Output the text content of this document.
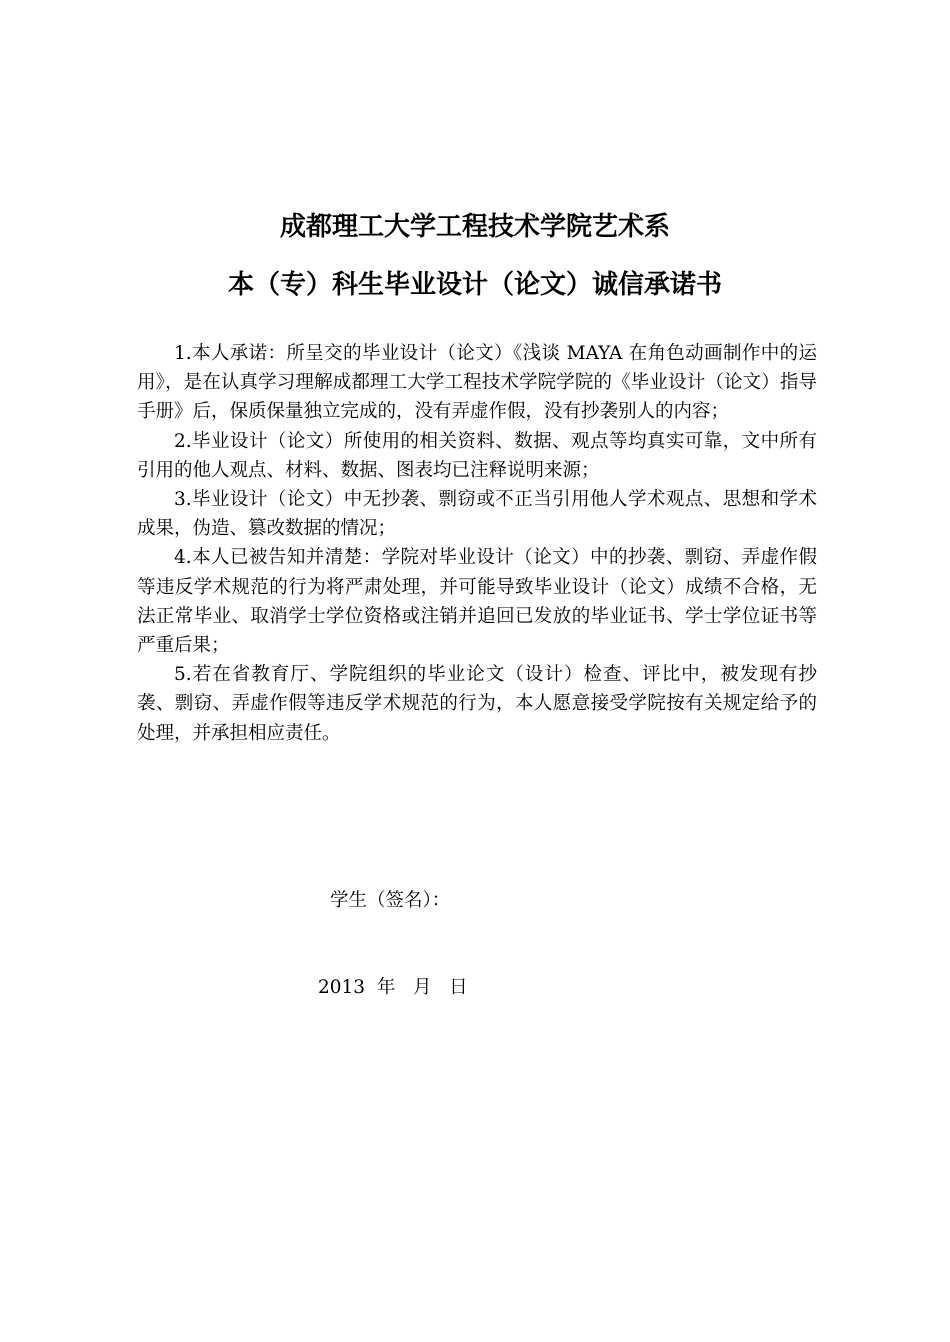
成都理工大学工程技术学院艺术系
本（专）科生毕业设计（论文）诚信承诺书

1.本人承诺：所呈交的毕业设计（论文）《浅谈 MAYA 在角色动画制作中的运用》，是在认真学习理解成都理工大学工程技术学院学院的《毕业设计（论文）指导手册》后，保质保量独立完成的，没有弄虚作假，没有抄袭别人的内容；

2.毕业设计（论文）所使用的相关资料、数据、观点等均真实可靠，文中所有引用的他人观点、材料、数据、图表均已注释说明来源；

3.毕业设计（论文）中无抄袭、剽窃或不正当引用他人学术观点、思想和学术成果，伪造、篡改数据的情况；

4.本人已被告知并清楚：学院对毕业设计（论文）中的抄袭、剽窃、弄虚作假等违反学术规范的行为将严肃处理，并可能导致毕业设计（论文）成绩不合格，无法正常毕业、取消学士学位资格或注销并追回已发放的毕业证书、学士学位证书等严重后果；

5.若在省教育厅、学院组织的毕业论文（设计）检查、评比中，被发现有抄袭、剽窃、弄虚作假等违反学术规范的行为，本人愿意接受学院按有关规定给予的处理，并承担相应责任。

学生（签名）：

2013  年   月   日
